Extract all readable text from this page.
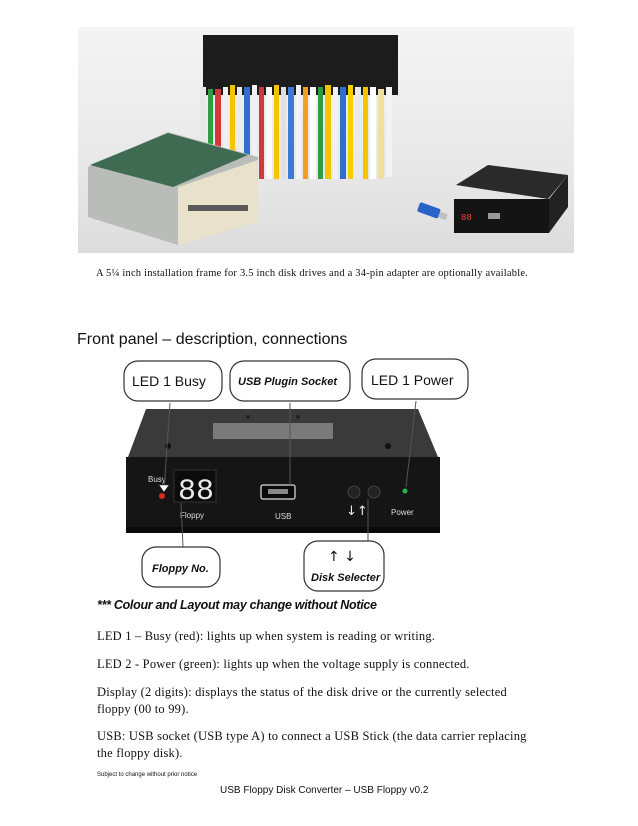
88
A 5¼ inch installation frame for 3.5 inch disk drives and a 34-pin adapter are optionally available.
Front panel – description, connections
Busy 88
Floppy	USB	↓↑	Power
LED 1 Busy	USB Plugin Socket LED 1 Power
Floppy No.
↑ ↓
Disk Selecter
*** Colour and Layout may change without Notice
LED 1 – Busy (red): lights up when system is reading or writing.
LED 2 - Power (green): lights up when the voltage supply is connected.
Display (2 digits): displays the status of the disk drive or the currently selected floppy (00 to 99).
USB: USB socket (USB type A) to connect a USB Stick (the data carrier replacing the floppy disk).
Subject to change without prior notice
USB Floppy Disk Converter – USB Floppy v0.2
